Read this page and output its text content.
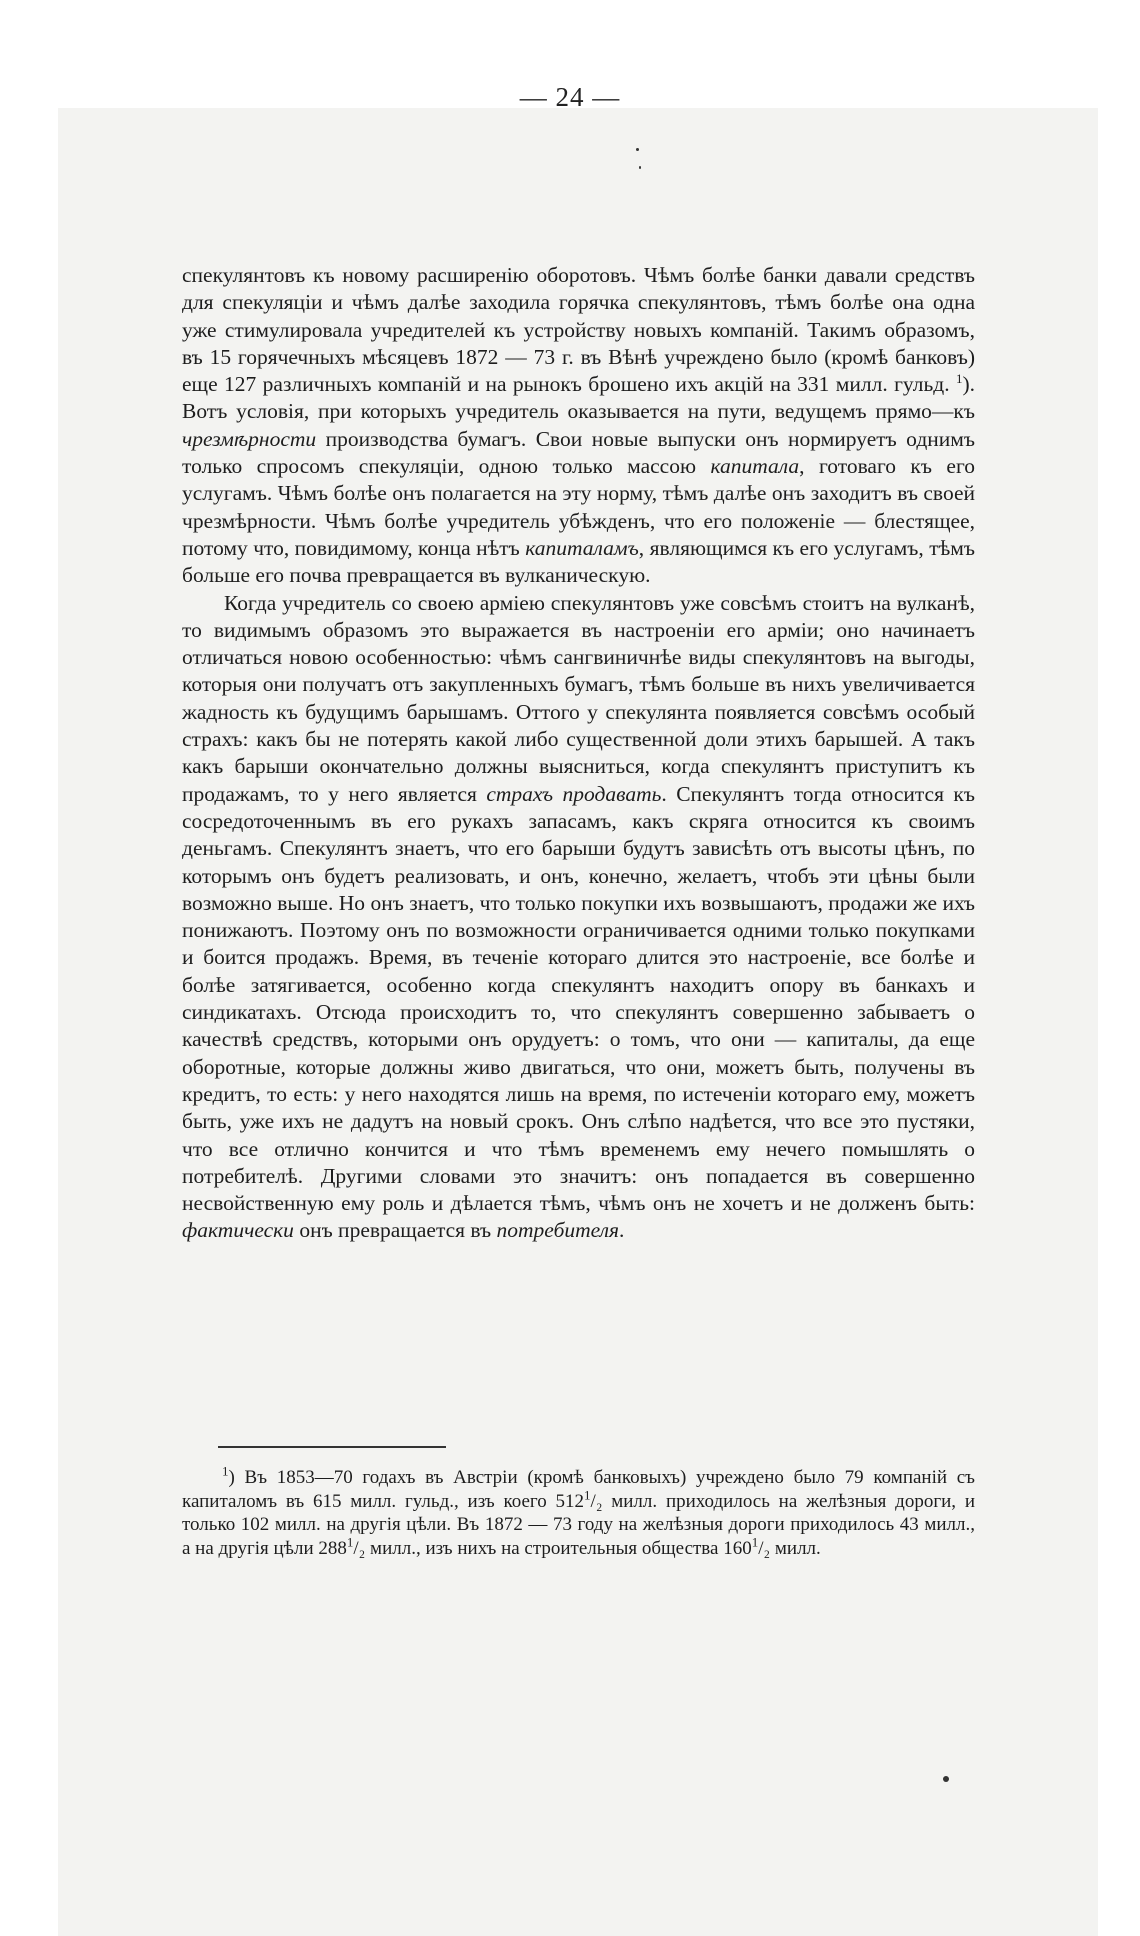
— 24 —

спекулянтовъ къ новому расширенію оборотовъ. Чѣмъ болѣе банки давали средствъ для спекуляціи и чѣмъ далѣе заходила горячка спекулянтовъ, тѣмъ болѣе она одна уже стимулировала учредителей къ устройству новыхъ компаній. Такимъ образомъ, въ 15 горячечныхъ мѣсяцевъ 1872 — 73 г. въ Вѣнѣ учреждено было (кромѣ банковъ) еще 127 различныхъ компаній и на рынокъ брошено ихъ акцій на 331 милл. гульд. $^1$). Вотъ условія, при которыхъ учредитель оказывается на пути, ведущемъ прямо—къ чрезмѣрности производства бумагъ. Свои новые выпуски онъ нормируетъ однимъ только спросомъ спекуляціи, одною только массою капитала, готоваго къ его услугамъ. Чѣмъ болѣе онъ полагается на эту норму, тѣмъ далѣе онъ заходитъ въ своей чрезмѣрности. Чѣмъ болѣе учредитель убѣжденъ, что его положеніе — блестящее, потому что, повидимому, конца нѣтъ капиталамъ, являющимся къ его услугамъ, тѣмъ больше его почва превращается въ вулканическую.

Когда учредитель со своею арміею спекулянтовъ уже совсѣмъ стоитъ на вулканѣ, то видимымъ образомъ это выражается въ настроеніи его арміи; оно начинаетъ отличаться новою особенностью: чѣмъ сангвиничнѣе виды спекулянтовъ на выгоды, которыя они получатъ отъ закупленныхъ бумагъ, тѣмъ больше въ нихъ увеличивается жадность къ будущимъ барышамъ. Оттого у спекулянта появляется совсѣмъ особый страхъ: какъ бы не потерять какой либо существенной доли этихъ барышей. А такъ какъ барыши окончательно должны выясниться, когда спекулянтъ приступитъ къ продажамъ, то у него является страхъ продавать. Спекулянтъ тогда относится къ сосредоточеннымъ въ его рукахъ запасамъ, какъ скряга относится къ своимъ деньгамъ. Спекулянтъ знаетъ, что его барыши будутъ зависѣть отъ высоты цѣнъ, по которымъ онъ будетъ реализовать, и онъ, конечно, желаетъ, чтобъ эти цѣны были возможно выше. Но онъ знаетъ, что только покупки ихъ возвышаютъ, продажи же ихъ понижаютъ. Поэтому онъ по возможности ограничивается одними только покупками и боится продажъ. Время, въ теченіе котораго длится это настроеніе, все болѣе и болѣе затягивается, особенно когда спекулянтъ находитъ опору въ банкахъ и синдикатахъ. Отсюда происходитъ то, что спекулянтъ совершенно забываетъ о качествѣ средствъ, которыми онъ орудуетъ: о томъ, что они — капиталы, да еще оборотные, которые должны живо двигаться, что они, можетъ быть, получены въ кредитъ, то есть: у него находятся лишь на время, по истеченіи котораго ему, можетъ быть, уже ихъ не дадутъ на новый срокъ. Онъ слѣпо надѣется, что все это пустяки, что все отлично кончится и что тѣмъ временемъ ему нечего помышлять о потребителѣ. Другими словами это значитъ: онъ попадается въ совершенно несвойственную ему роль и дѣлается тѣмъ, чѣмъ онъ не хочетъ и не долженъ быть: фактически онъ превращается въ потребителя.

$^1$) Въ 1853—70 годахъ въ Австріи (кромѣ банковыхъ) учреждено было 79 компаній съ капиталомъ въ 615 милл. гульд., изъ коего $512^1/_2$ милл. приходилось на желѣзныя дороги, и только 102 милл. на другія цѣли. Въ 1872 — 73 году на желѣзныя дороги приходилось 43 милл., а на другія цѣли $288^1/_2$ милл., изъ нихъ на строительныя общества $160^1/_2$ милл.
